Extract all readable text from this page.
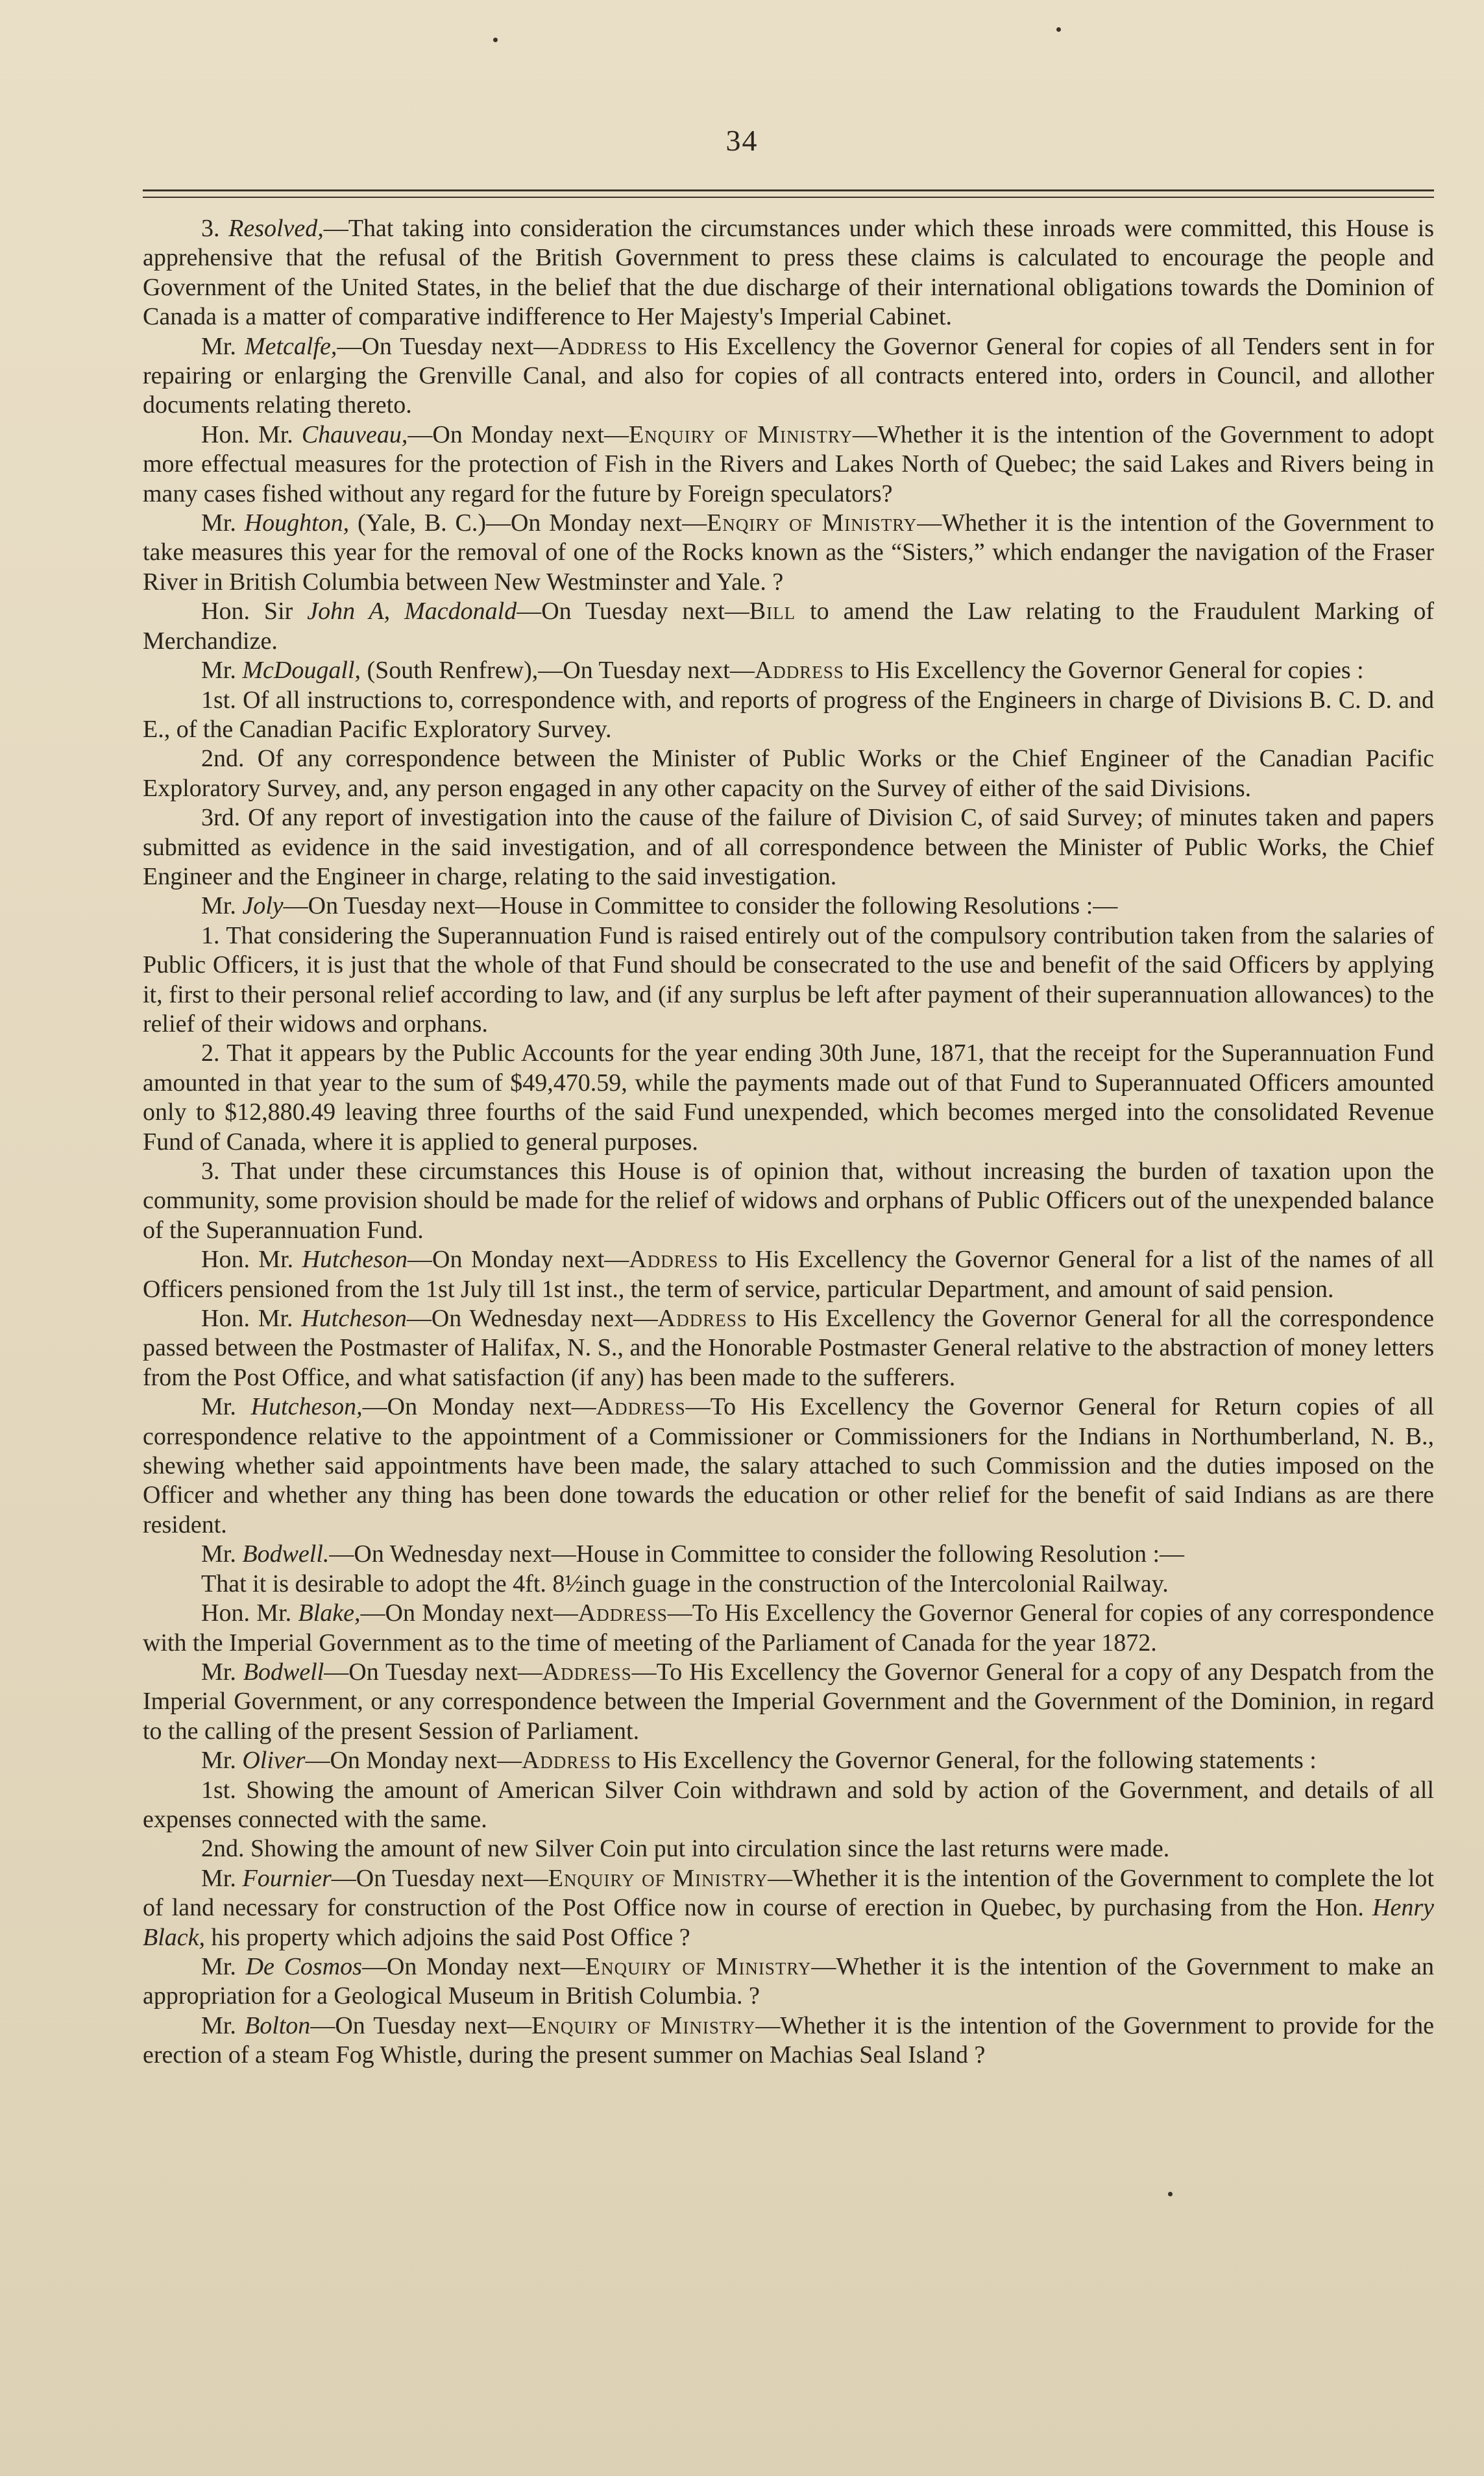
34

3. Resolved,—That taking into consideration the circumstances under which these inroads were committed, this House is apprehensive that the refusal of the British Government to press these claims is calculated to encourage the people and Government of the United States, in the belief that the due discharge of their international obligations towards the Dominion of Canada is a matter of comparative indifference to Her Majesty's Imperial Cabinet.

Mr. Metcalfe,—On Tuesday next—Address to His Excellency the Governor General for copies of all Tenders sent in for repairing or enlarging the Grenville Canal, and also for copies of all contracts entered into, orders in Council, and allother documents relating thereto.

Hon. Mr. Chauveau,—On Monday next—Enquiry of Ministry—Whether it is the intention of the Government to adopt more effectual measures for the protection of Fish in the Rivers and Lakes North of Quebec; the said Lakes and Rivers being in many cases fished without any regard for the future by Foreign speculators?

Mr. Houghton, (Yale, B. C.)—On Monday next—Enqiry of Ministry—Whether it is the intention of the Government to take measures this year for the removal of one of the Rocks known as the “Sisters,” which endanger the navigation of the Fraser River in British Columbia between New Westminster and Yale. ?

Hon. Sir John A, Macdonald—On Tuesday next—Bill to amend the Law relating to the Fraudulent Marking of Merchandize.

Mr. McDougall, (South Renfrew),—On Tuesday next—Address to His Excellency the Governor General for copies :

1st. Of all instructions to, correspondence with, and reports of progress of the Engineers in charge of Divisions B. C. D. and E., of the Canadian Pacific Exploratory Survey.

2nd. Of any correspondence between the Minister of Public Works or the Chief Engineer of the Canadian Pacific Exploratory Survey, and, any person engaged in any other capacity on the Survey of either of the said Divisions.

3rd. Of any report of investigation into the cause of the failure of Division C, of said Survey; of minutes taken and papers submitted as evidence in the said investigation, and of all correspondence between the Minister of Public Works, the Chief Engineer and the Engineer in charge, relating to the said investigation.

Mr. Joly—On Tuesday next—House in Committee to consider the following Resolutions :—

1. That considering the Superannuation Fund is raised entirely out of the compulsory contribution taken from the salaries of Public Officers, it is just that the whole of that Fund should be consecrated to the use and benefit of the said Officers by applying it, first to their personal relief according to law, and (if any surplus be left after payment of their superannuation allowances) to the relief of their widows and orphans.

2. That it appears by the Public Accounts for the year ending 30th June, 1871, that the receipt for the Superannuation Fund amounted in that year to the sum of $49,470.59, while the payments made out of that Fund to Superannuated Officers amounted only to $12,880.49 leaving three fourths of the said Fund unexpended, which becomes merged into the consolidated Revenue Fund of Canada, where it is applied to general purposes.

3. That under these circumstances this House is of opinion that, without increasing the burden of taxation upon the community, some provision should be made for the relief of widows and orphans of Public Officers out of the unexpended balance of the Superannuation Fund.

Hon. Mr. Hutcheson—On Monday next—Address to His Excellency the Governor General for a list of the names of all Officers pensioned from the 1st July till 1st inst., the term of service, particular Department, and amount of said pension.

Hon. Mr. Hutcheson—On Wednesday next—Address to His Excellency the Governor General for all the correspondence passed between the Postmaster of Halifax, N. S., and the Honorable Postmaster General relative to the abstraction of money letters from the Post Office, and what satisfaction (if any) has been made to the sufferers.

Mr. Hutcheson,—On Monday next—Address—To His Excellency the Governor General for Return copies of all correspondence relative to the appointment of a Commissioner or Commissioners for the Indians in Northumberland, N. B., shewing whether said appointments have been made, the salary attached to such Commission and the duties imposed on the Officer and whether any thing has been done towards the education or other relief for the benefit of said Indians as are there resident.

Mr. Bodwell.—On Wednesday next—House in Committee to consider the following Resolution :—

That it is desirable to adopt the 4ft. 8½inch guage in the construction of the Intercolonial Railway.

Hon. Mr. Blake,—On Monday next—Address—To His Excellency the Governor General for copies of any correspondence with the Imperial Government as to the time of meeting of the Parliament of Canada for the year 1872.

Mr. Bodwell—On Tuesday next—Address—To His Excellency the Governor General for a copy of any Despatch from the Imperial Government, or any correspondence between the Imperial Government and the Government of the Dominion, in regard to the calling of the present Session of Parliament.

Mr. Oliver—On Monday next—Address to His Excellency the Governor General, for the following statements :

1st. Showing the amount of American Silver Coin withdrawn and sold by action of the Government, and details of all expenses connected with the same.

2nd. Showing the amount of new Silver Coin put into circulation since the last returns were made.

Mr. Fournier—On Tuesday next—Enquiry of Ministry—Whether it is the intention of the Government to complete the lot of land necessary for construction of the Post Office now in course of erection in Quebec, by purchasing from the Hon. Henry Black, his property which adjoins the said Post Office ?

Mr. De Cosmos—On Monday next—Enquiry of Ministry—Whether it is the intention of the Government to make an appropriation for a Geological Museum in British Columbia. ?

Mr. Bolton—On Tuesday next—Enquiry of Ministry—Whether it is the intention of the Government to provide for the erection of a steam Fog Whistle, during the present summer on Machias Seal Island ?
